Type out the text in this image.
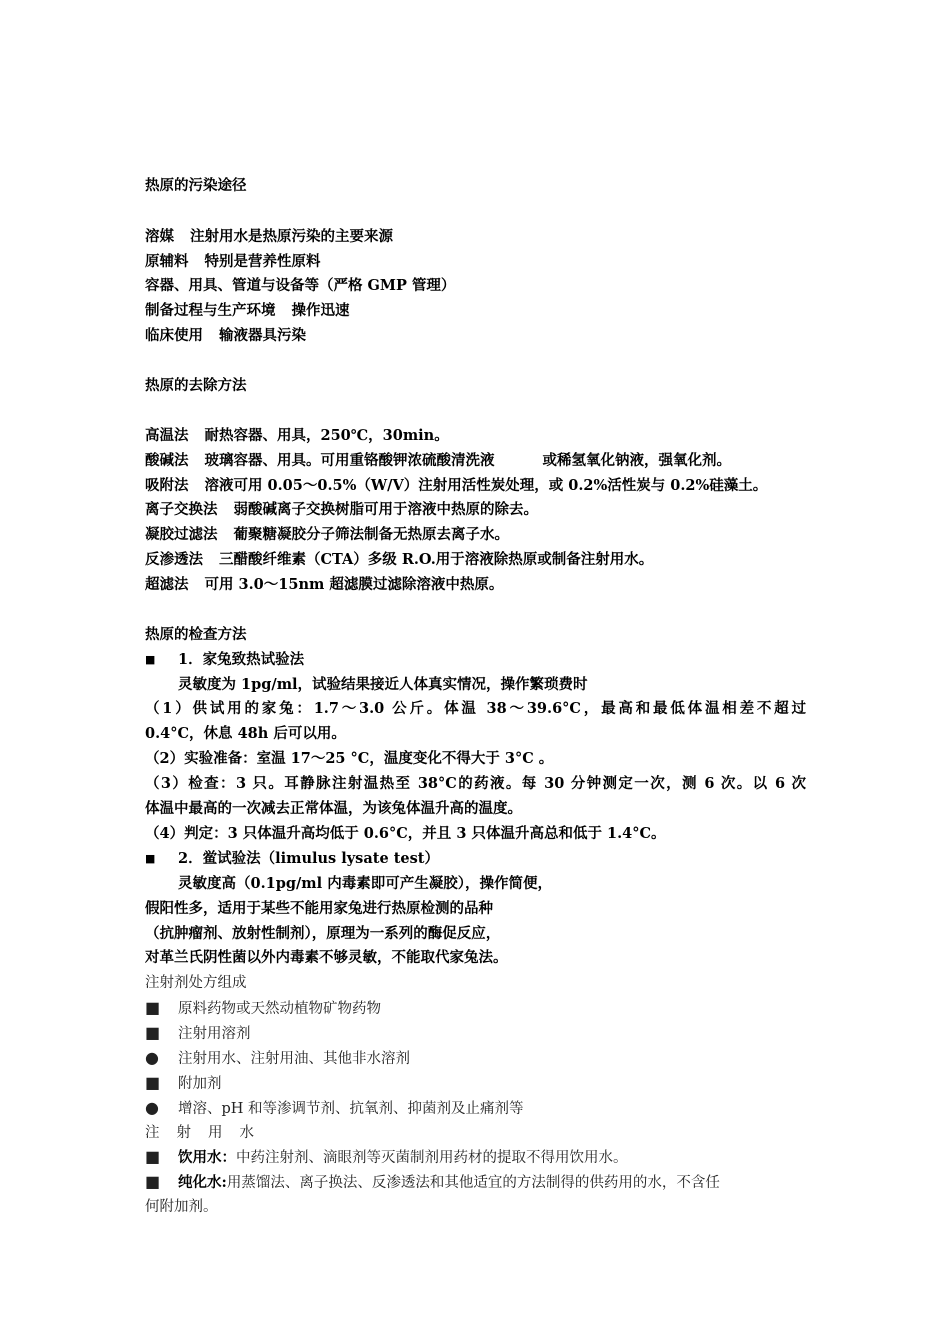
热原的污染途径
溶媒 注射用水是热原污染的主要来源
原辅料 特别是营养性原料
容器、用具、管道与设备等（严格 GMP 管理）
制备过程与生产环境 操作迅速
临床使用 输液器具污染
热原的去除方法
高温法 耐热容器、用具，250℃，30min。
酸碱法 玻璃容器、用具。可用重铬酸钾浓硫酸清洗液	或稀氢氧化钠液，强氧化剂。
吸附法 溶液可用 0.05～0.5%（W/V）注射用活性炭处理，或 0.2%活性炭与 0.2%硅藻土。
离子交换法 弱酸碱离子交换树脂可用于溶液中热原的除去。
凝胶过滤法 葡聚糖凝胶分子筛法制备无热原去离子水。
反渗透法 三醋酸纤维素（CTA）多级 R.O.用于溶液除热原或制备注射用水。
超滤法 可用 3.0～15nm 超滤膜过滤除溶液中热原。
热原的检查方法
■ 1．家兔致热试验法
灵敏度为 1pg/ml，试验结果接近人体真实情况，操作繁琐费时
（1）供试用的家兔：1.7～3.0 公斤。体温 38～39.6°C，最高和最低体温相差不超过
0.4°C，休息 48h 后可以用。
（2）实验准备：室温 17～25 °C，温度变化不得大于 3°C 。
（3）检查：3 只。耳静脉注射温热至 38°C的药液。每 30 分钟测定一次，测 6 次。以 6 次
体温中最高的一次减去正常体温，为该兔体温升高的温度。
（4）判定：3 只体温升高均低于 0.6°C，并且 3 只体温升高总和低于 1.4°C。
■ 2．鲎试验法（limulus lysate test）
灵敏度高（0.1pg/ml 内毒素即可产生凝胶），操作简便，
假阳性多，适用于某些不能用家兔进行热原检测的品种
（抗肿瘤剂、放射性制剂），原理为一系列的酶促反应，
对革兰氏阴性菌以外内毒素不够灵敏，不能取代家兔法。
注射剂处方组成
■ 原料药物或天然动植物矿物药物
■ 注射用溶剂
● 注射用水、注射用油、其他非水溶剂
■ 附加剂
● 增溶、pH 和等渗调节剂、抗氧剂、抑菌剂及止痛剂等
注射用水
■ 饮用水：中药注射剂、滴眼剂等灭菌制剂用药材的提取不得用饮用水。
■ 纯化水:用蒸馏法、离子换法、反渗透法和其他适宜的方法制得的供药用的水，不含任
何附加剂。
